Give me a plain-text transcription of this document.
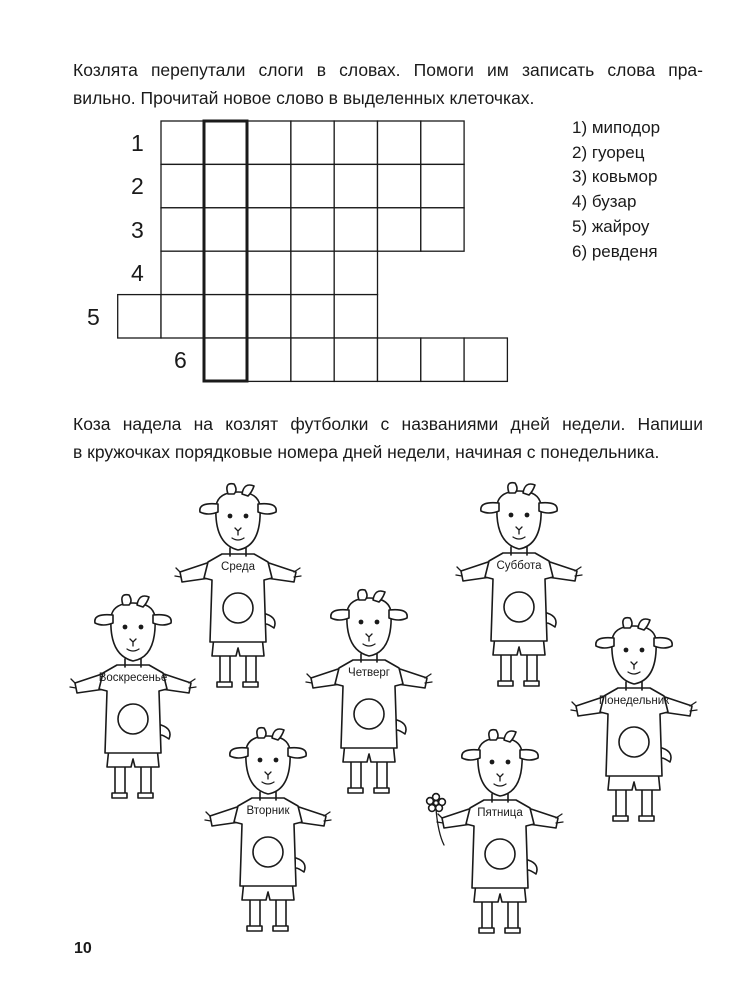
Козлята перепутали слоги в словах. Помоги им записать слова пра-
вильно. Прочитай новое слово в выделенных клеточках.

1
2
3
4
5
6
1) миподор
2) гуорец
3) ковьмор
4) бузар
5) жайроу
6) ревденя

Коза надела на козлят футболки с названиями дней недели. Напиши
в кружочках порядковые номера дней недели, начиная с понедельника.

Среда	Суббота
Воскресенье	Четверг
Понедельник
Вторник	Пятница
10
